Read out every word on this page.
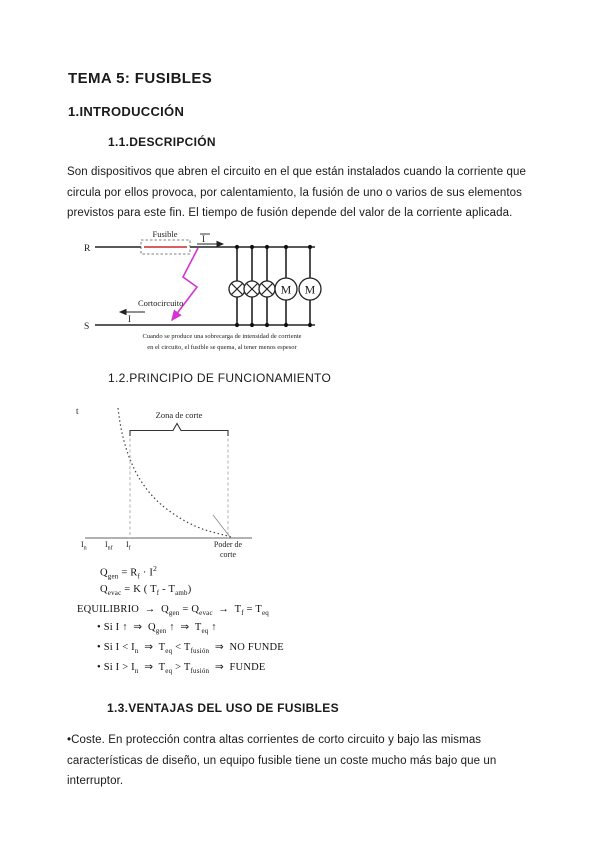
TEMA 5: FUSIBLES
1.INTRODUCCIÓN
1.1.DESCRIPCIÓN
Son dispositivos que abren el circuito en el que están instalados cuando la corriente que circula por ellos provoca, por calentamiento, la fusión de uno o varios de sus elementos previstos para este fin. El tiempo de fusión depende del valor de la corriente aplicada.
Fusible
R
S
I
M M
Cortocircuito
I
Cuando se produce una sobrecarga de intensidad de corriente
en el circuito, el fusible se quema, al tener menos espesor
1.2.PRINCIPIO DE FUNCIONAMIENTO
t	Zona de corte
$I_n$ $I_{nf}$ $I_f$	Poder de
corte
$Q_{gen} = R_f \cdot I^2$
$Q_{evac} = K$ ( $T_f - T_{amb}$)
EQUILIBRIO  →  $Q_{gen} = Q_{evac} \to T_f = T_{eq}$
• Si I ↑  ⇒  $Q_{gen}$ ↑  ⇒  $T_{eq}$ ↑
• Si $I < I_n$  ⇒  $T_{eq} < T_{fusión}$  ⇒  NO FUNDE
• Si $I > I_n$  ⇒  $T_{eq} > T_{fusión}$  ⇒  FUNDE
1.3.VENTAJAS DEL USO DE FUSIBLES
•Coste. En protección contra altas corrientes de corto circuito y bajo las mismas características de diseño, un equipo fusible tiene un coste mucho más bajo que un interruptor.
